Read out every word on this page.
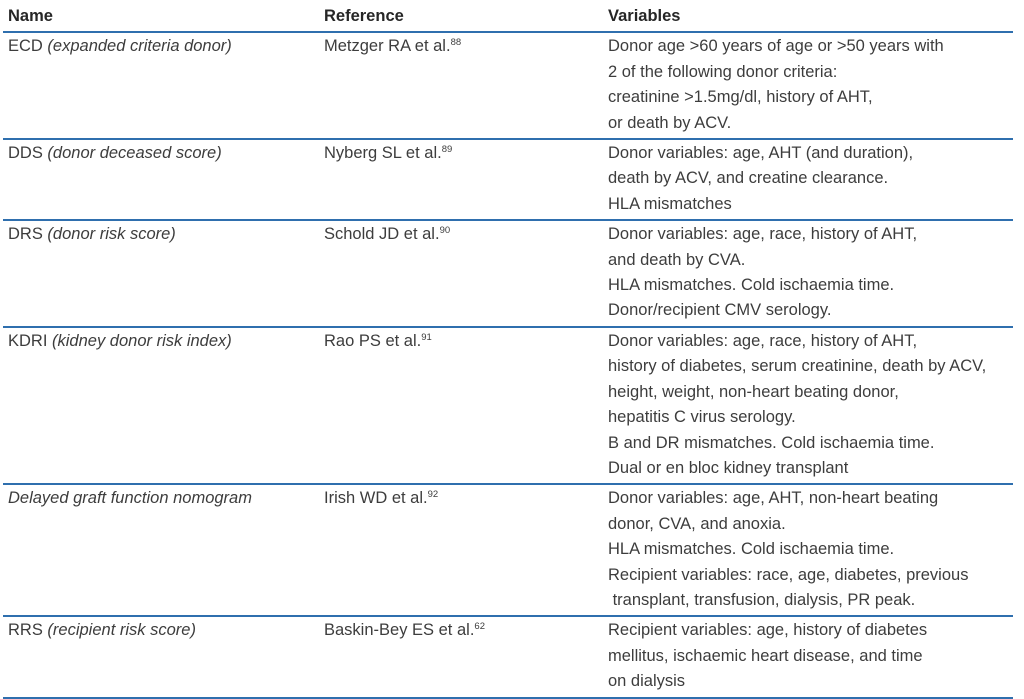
Name	Reference	Variables
ECD (expanded criteria donor)	Metzger RA et al.$^{88}$	Donor age >60 years of age or >50 years with
2 of the following donor criteria:
creatinine >1.5mg/dl, history of AHT,
or death by ACV.
DDS (donor deceased score)	Nyberg SL et al.$^{89}$	Donor variables: age, AHT (and duration),
death by ACV, and creatine clearance.
HLA mismatches
DRS (donor risk score)	Schold JD et al.$^{90}$	Donor variables: age, race, history of AHT,
and death by CVA.
HLA mismatches. Cold ischaemia time.
Donor/recipient CMV serology.
KDRI (kidney donor risk index)	Rao PS et al.$^{91}$	Donor variables: age, race, history of AHT,
history of diabetes, serum creatinine, death by ACV,
height, weight, non-heart beating donor,
hepatitis C virus serology.
B and DR mismatches. Cold ischaemia time.
Dual or en bloc kidney transplant
Delayed graft function nomogram	Irish WD et al.$^{92}$	Donor variables: age, AHT, non-heart beating
donor, CVA, and anoxia.
HLA mismatches. Cold ischaemia time.
Recipient variables: race, age, diabetes, previous
transplant, transfusion, dialysis, PR peak.
RRS (recipient risk score)	Baskin-Bey ES et al.$^{62}$	Recipient variables: age, history of diabetes
mellitus, ischaemic heart disease, and time
on dialysis
